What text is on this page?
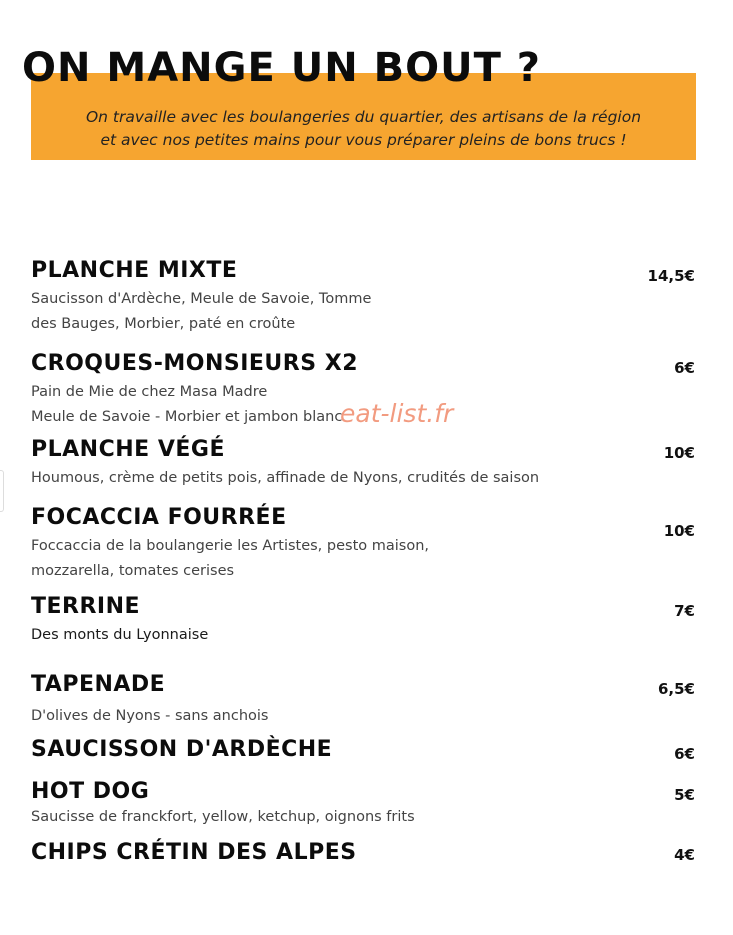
ON MANGE UN BOUT ?
On travaille avec les boulangeries du quartier, des artisans de la région
et avec nos petites mains pour vous préparer pleins de bons trucs !
PLANCHE MIXTE
Saucisson d'Ardèche, Meule de Savoie, Tomme
des Bauges, Morbier, paté en croûte
14,5€
CROQUES-MONSIEURS X2
Pain de Mie de chez Masa Madre
Meule de Savoie - Morbier et jambon blanc
6€
PLANCHE VÉGÉ
Houmous, crème de petits pois, affinade de Nyons, crudités de saison
10€
FOCACCIA FOURRÉE
Foccaccia de la boulangerie les Artistes, pesto maison,
mozzarella, tomates cerises
10€
TERRINE
Des monts du Lyonnaise
7€
TAPENADE
D'olives de Nyons - sans anchois
6,5€
SAUCISSON D'ARDÈCHE	6€
HOT DOG
Saucisse de franckfort, yellow, ketchup, oignons frits
5€
CHIPS CRÉTIN DES ALPES	4€
eat-list.fr
